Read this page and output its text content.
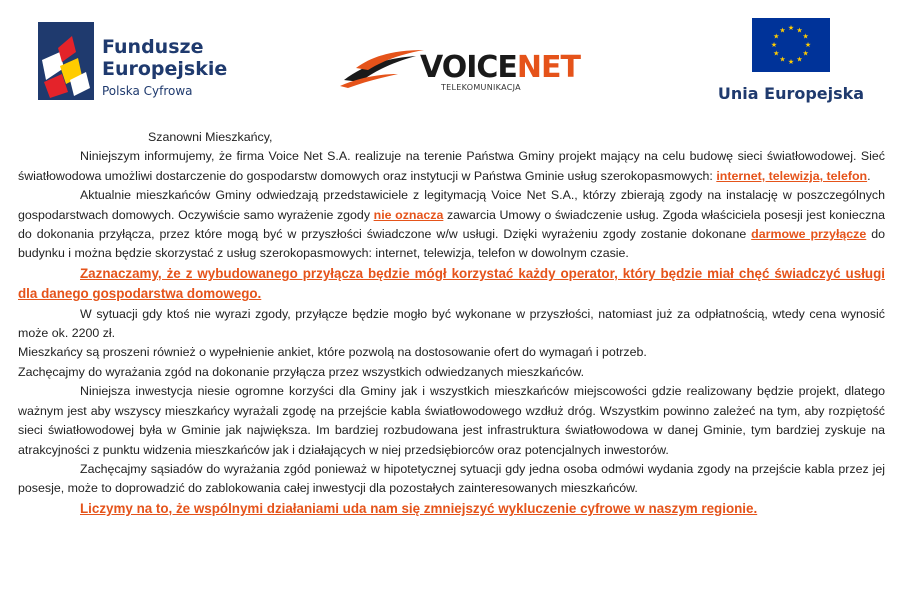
Fundusze
Europejskie
Polska Cyfrowa
VOICENET
TELEKOMUNIKACJA
★ ★
★
★
★
★
★
★
★
★
★
★
Unia Europejska

Szanowni Mieszkańcy,

Niniejszym informujemy, że firma Voice Net S.A. realizuje na terenie Państwa Gminy projekt mający na celu budowę sieci światłowodowej. Sieć światłowodowa umożliwi dostarczenie do gospodarstw domowych oraz instytucji w Państwa Gminie usług szerokopasmowych: internet, telewizja, telefon.

Aktualnie mieszkańców Gminy odwiedzają przedstawiciele z legitymacją Voice Net S.A., którzy zbierają zgody na instalację w poszczególnych gospodarstwach domowych. Oczywiście samo wyrażenie zgody nie oznacza zawarcia Umowy o świadczenie usług. Zgoda właściciela posesji jest konieczna do dokonania przyłącza, przez które mogą być w przyszłości świadczone w/w usługi. Dzięki wyrażeniu zgody zostanie dokonane darmowe przyłącze do budynku i można będzie skorzystać z usług szerokopasmowych: internet, telewizja, telefon w dowolnym czasie.

Zaznaczamy, że z wybudowanego przyłącza będzie mógł korzystać każdy operator, który będzie miał chęć świadczyć usługi dla danego gospodarstwa domowego.

W sytuacji gdy ktoś nie wyrazi zgody, przyłącze będzie mogło być wykonane w przyszłości, natomiast już za odpłatnością, wtedy cena wynosić może ok. 2200 zł.

Mieszkańcy są proszeni również o wypełnienie ankiet, które pozwolą na dostosowanie ofert do wymagań i potrzeb.

Zachęcajmy do wyrażania zgód na dokonanie przyłącza przez wszystkich odwiedzanych mieszkańców.

Niniejsza inwestycja niesie ogromne korzyści dla Gminy jak i wszystkich mieszkańców miejscowości gdzie realizowany będzie projekt, dlatego ważnym jest aby wszyscy mieszkańcy wyrażali zgodę na przejście kabla światłowodowego wzdłuż dróg. Wszystkim powinno zależeć na tym, aby rozpiętość sieci światłowodowej była w Gminie jak największa. Im bardziej rozbudowana jest infrastruktura światłowodowa w danej Gminie, tym bardziej zyskuje na atrakcyjności z punktu widzenia mieszkańców jak i działających w niej przedsiębiorców oraz potencjalnych inwestorów.

Zachęcajmy sąsiadów do wyrażania zgód ponieważ w hipotetycznej sytuacji gdy jedna osoba odmówi wydania zgody na przejście kabla przez jej posesje, może to doprowadzić do zablokowania całej inwestycji dla pozostałych zainteresowanych mieszkańców.

Liczymy na to, że wspólnymi działaniami uda nam się zmniejszyć wykluczenie cyfrowe w naszym regionie.
